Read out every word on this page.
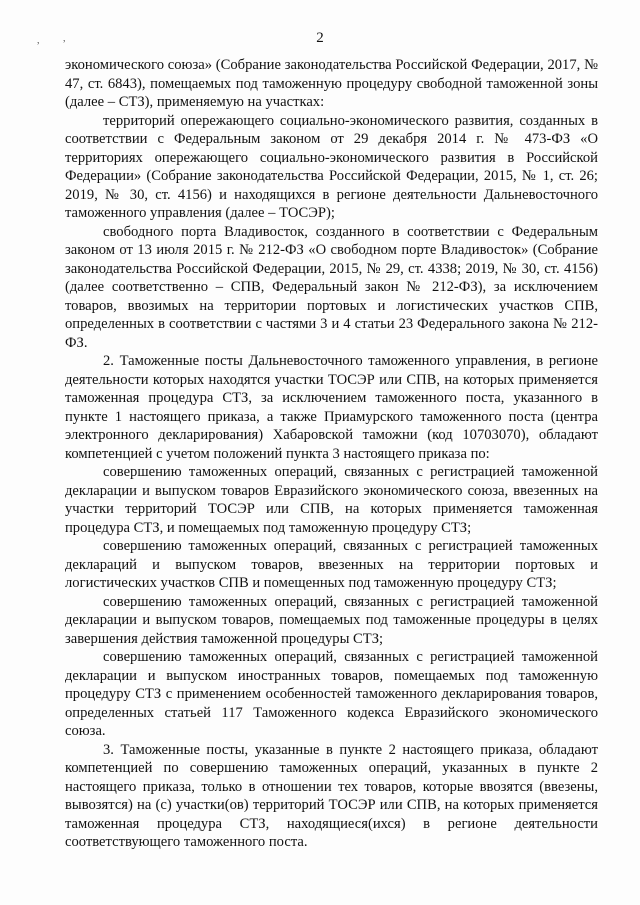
, ,	2

экономического союза» (Собрание законодательства Российской Федерации, 2017, № 47, ст. 6843), помещаемых под таможенную процедуру свободной таможенной зоны (далее – СТЗ), применяемую на участках:

территорий опережающего социально-экономического развития, созданных в соответствии с Федеральным законом от 29 декабря 2014 г. № 473-ФЗ «О территориях опережающего социально-экономического развития в Российской Федерации» (Собрание законодательства Российской Федерации, 2015, № 1, ст. 26; 2019, № 30, ст. 4156) и находящихся в регионе деятельности Дальневосточного таможенного управления (далее – ТОСЭР);

свободного порта Владивосток, созданного в соответствии с Федеральным законом от 13 июля 2015 г. № 212-ФЗ «О свободном порте Владивосток» (Собрание законодательства Российской Федерации, 2015, № 29, ст. 4338; 2019, № 30, ст. 4156) (далее соответственно – СПВ, Федеральный закон № 212-ФЗ), за исключением товаров, ввозимых на территории портовых и логистических участков СПВ, определенных в соответствии с частями 3 и 4 статьи 23 Федерального закона № 212-ФЗ.

2. Таможенные посты Дальневосточного таможенного управления, в регионе деятельности которых находятся участки ТОСЭР или СПВ, на которых применяется таможенная процедура СТЗ, за исключением таможенного поста, указанного в пункте 1 настоящего приказа, а также Приамурского таможенного поста (центра электронного декларирования) Хабаровской таможни (код 10703070), обладают компетенцией с учетом положений пункта 3 настоящего приказа по:

совершению таможенных операций, связанных с регистрацией таможенной декларации и выпуском товаров Евразийского экономического союза, ввезенных на участки территорий ТОСЭР или СПВ, на которых применяется таможенная процедура СТЗ, и помещаемых под таможенную процедуру СТЗ;

совершению таможенных операций, связанных с регистрацией таможенных деклараций и выпуском товаров, ввезенных на территории портовых и логистических участков СПВ и помещенных под таможенную процедуру СТЗ;

совершению таможенных операций, связанных с регистрацией таможенной декларации и выпуском товаров, помещаемых под таможенные процедуры в целях завершения действия таможенной процедуры СТЗ;

совершению таможенных операций, связанных с регистрацией таможенной декларации и выпуском иностранных товаров, помещаемых под таможенную процедуру СТЗ с применением особенностей таможенного декларирования товаров, определенных статьей 117 Таможенного кодекса Евразийского экономического союза.

3. Таможенные посты, указанные в пункте 2 настоящего приказа, обладают компетенцией по совершению таможенных операций, указанных в пункте 2 настоящего приказа, только в отношении тех товаров, которые ввозятся (ввезены, вывозятся) на (с) участки(ов) территорий ТОСЭР или СПВ, на которых применяется таможенная процедура СТЗ, находящиеся(ихся) в регионе деятельности соответствующего таможенного поста.
